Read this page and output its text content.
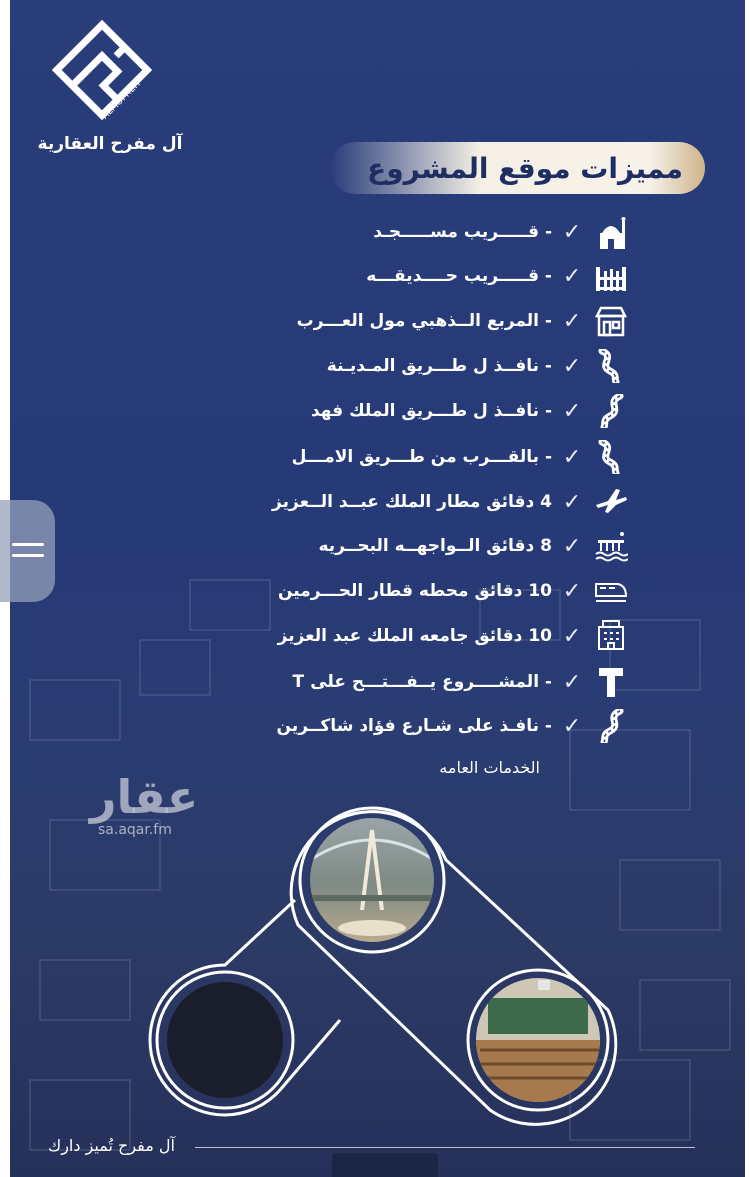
ALMOFREH
آل مفرح العقارية
مميزات موقع المشروع
✓
- قـــــريب مســـــجـد
✓
- قـــــريب حــــديقـــه
✓
- المربع الــذهبي مول العـــرب
✓
- نافــذ ل طـــريق المـديـنة
✓
- نافــذ ل طـــريق الملك فهد
✓
- بالقـــرب من طـــريق الامـــل
✓
4 دقائق مطار الملك عبــد الــعزيز
✓
8 دقائق الــواجهــه البحــريه
✓
10 دقائق محطه قطار الحـــرمين
✓
10 دقائق جامعه الملك عبد العزيز
✓
- المشــــروع يــفـــتـــح على T
✓
- نافـذ على شـارع فؤاد شاكــرين
الخدمات العامه
عقار
sa.aqar.fm
آل مفرح تُميز دارك
